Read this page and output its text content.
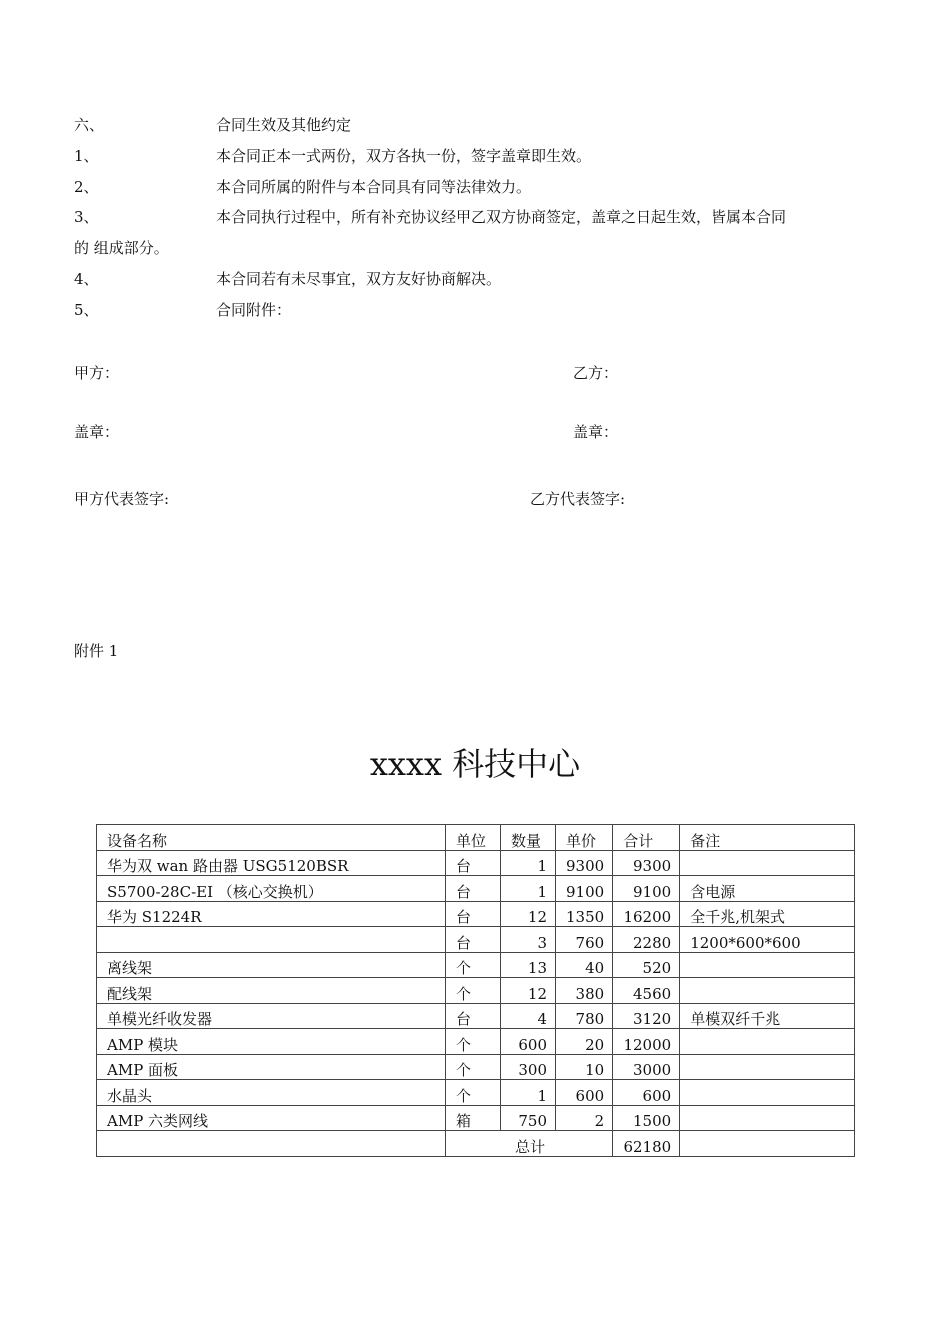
六、	合同生效及其他约定
1、	本合同正本一式两份，双方各执一份，签字盖章即生效。
2、	本合同所属的附件与本合同具有同等法律效力。
3、	本合同执行过程中，所有补充协议经甲乙双方协商签定，盖章之日起生效，皆属本合同
的 组成部分。
4、	本合同若有未尽事宜，双方友好协商解决。
5、	合同附件：
甲方：	乙方：
盖章：	盖章：
甲方代表签字:	乙方代表签字:
附件 1
xxxx 科技中心
设备名称	单位	数量	单价	合计	备注
华为双 wan 路由器 USG5120BSR	台	1	9300	9300	
S5700-28C-EI （核心交换机）	台	1	9100	9100	含电源
华为 S1224R	台	12	1350	16200	全千兆,机架式
	台	3	760	2280	1200*600*600
离线架	个	13	40	520	
配线架	个	12	380	4560	
单模光纤收发器	台	4	780	3120	单模双纤千兆
AMP 模块	个	600	20	12000	
AMP 面板	个	300	10	3000	
水晶头	个	1	600	600	
AMP 六类网线	箱	750	2	1500	
	总计			62180	
